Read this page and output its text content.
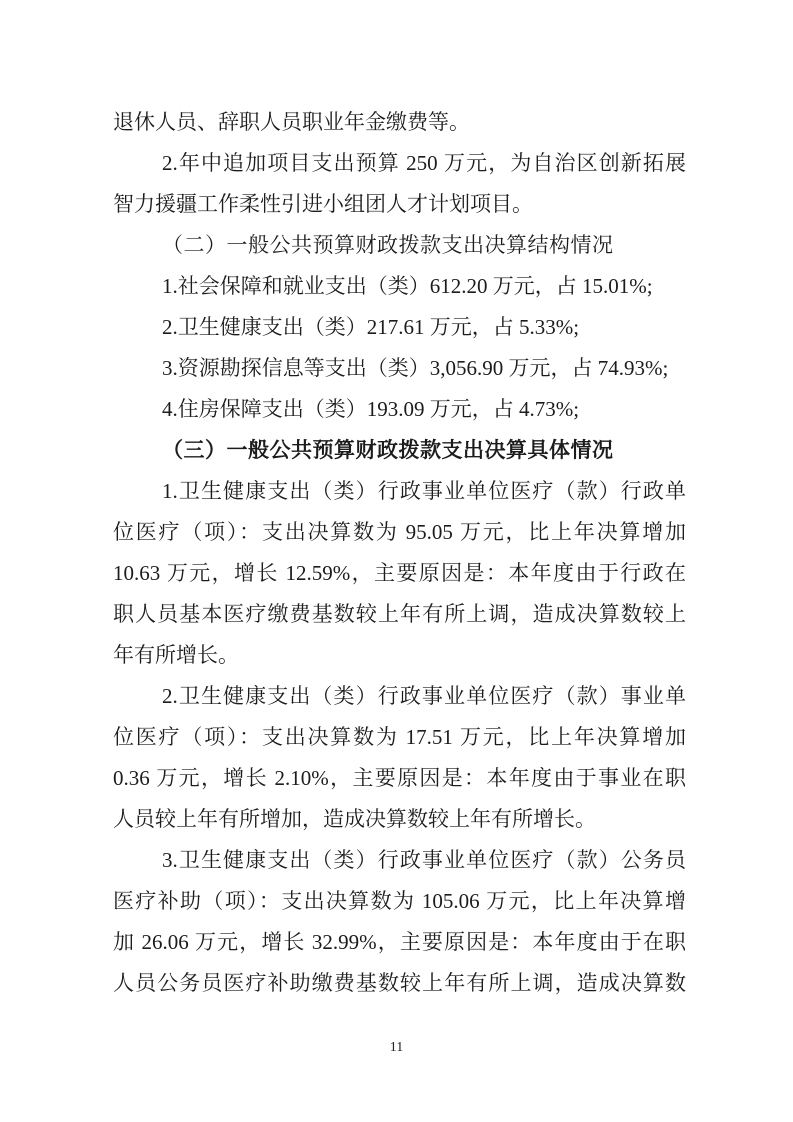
退休人员、辞职人员职业年金缴费等。
2.年中追加项目支出预算 250 万元，为自治区创新拓展
智力援疆工作柔性引进小组团人才计划项目。
（二）一般公共预算财政拨款支出决算结构情况
1.社会保障和就业支出（类）612.20 万元，占 15.01%;
2.卫生健康支出（类）217.61 万元，占 5.33%;
3.资源勘探信息等支出（类）3,056.90 万元，占 74.93%;
4.住房保障支出（类）193.09 万元，占 4.73%;
（三）一般公共预算财政拨款支出决算具体情况
1.卫生健康支出（类）行政事业单位医疗（款）行政单
位医疗（项）：支出决算数为 95.05 万元，比上年决算增加
10.63 万元，增长 12.59%，主要原因是：本年度由于行政在
职人员基本医疗缴费基数较上年有所上调，造成决算数较上
年有所增长。
2.卫生健康支出（类）行政事业单位医疗（款）事业单
位医疗（项）：支出决算数为 17.51 万元，比上年决算增加
0.36 万元，增长 2.10%，主要原因是：本年度由于事业在职
人员较上年有所增加，造成决算数较上年有所增长。
3.卫生健康支出（类）行政事业单位医疗（款）公务员
医疗补助（项）：支出决算数为 105.06 万元，比上年决算增
加 26.06 万元，增长 32.99%，主要原因是：本年度由于在职
人员公务员医疗补助缴费基数较上年有所上调，造成决算数
11
